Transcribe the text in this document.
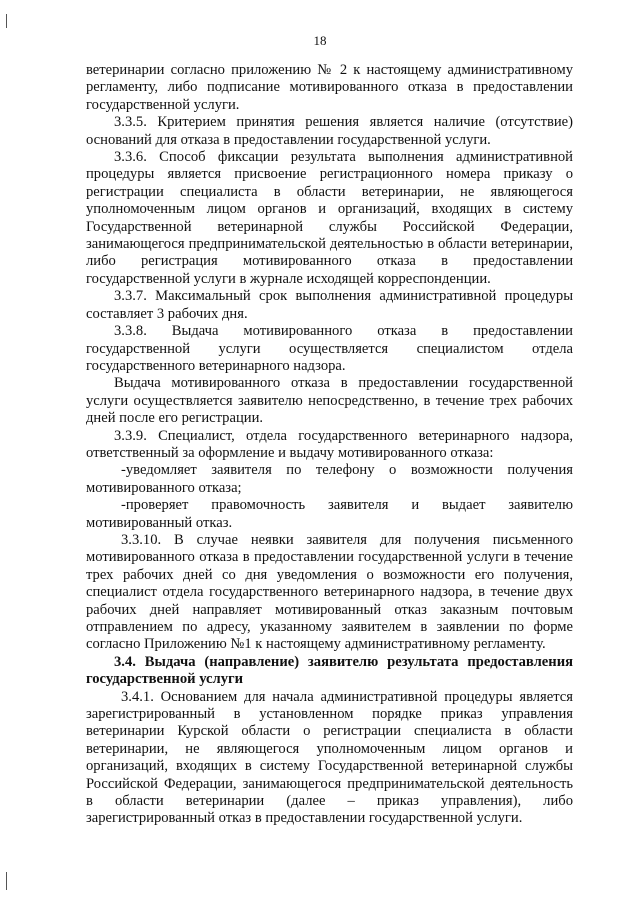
18

ветеринарии согласно приложению № 2 к настоящему административному регламенту, либо подписание мотивированного отказа в предоставлении государственной услуги.

3.3.5. Критерием принятия решения является наличие (отсутствие) оснований для отказа в предоставлении государственной услуги.

3.3.6. Способ фиксации результата выполнения административной процедуры является присвоение регистрационного номера приказу о регистрации специалиста в области ветеринарии, не являющегося уполномоченным лицом органов и организаций, входящих в систему Государственной ветеринарной службы Российской Федерации, занимающегося предпринимательской деятельностью в области ветеринарии, либо регистрация мотивированного отказа в предоставлении государственной услуги в журнале исходящей корреспонденции.

3.3.7. Максимальный срок выполнения административной процедуры составляет 3 рабочих дня.

3.3.8. Выдача мотивированного отказа в предоставлении государственной услуги осуществляется специалистом отдела государственного ветеринарного надзора.

Выдача мотивированного отказа в предоставлении государственной услуги осуществляется заявителю непосредственно, в течение трех рабочих дней после его регистрации.

3.3.9. Специалист, отдела государственного ветеринарного надзора, ответственный за оформление и выдачу мотивированного отказа:

-уведомляет заявителя по телефону о возможности получения мотивированного отказа;

-проверяет правомочность заявителя и выдает заявителю мотивированный отказ.

3.3.10. В случае неявки заявителя для получения письменного мотивированного отказа в предоставлении государственной услуги в течение трех рабочих дней со дня уведомления о возможности его получения, специалист отдела государственного ветеринарного надзора, в течение двух рабочих дней направляет мотивированный отказ заказным почтовым отправлением по адресу, указанному заявителем в заявлении по форме согласно Приложению №1 к настоящему административному регламенту.

3.4. Выдача (направление) заявителю результата предоставления государственной услуги

3.4.1. Основанием для начала административной процедуры является зарегистрированный в установленном порядке приказ управления ветеринарии Курской области о регистрации специалиста в области ветеринарии, не являющегося уполномоченным лицом органов и организаций, входящих в систему Государственной ветеринарной службы Российской Федерации, занимающегося предпринимательской деятельность в области ветеринарии (далее – приказ управления), либо зарегистрированный отказ в предоставлении государственной услуги.
